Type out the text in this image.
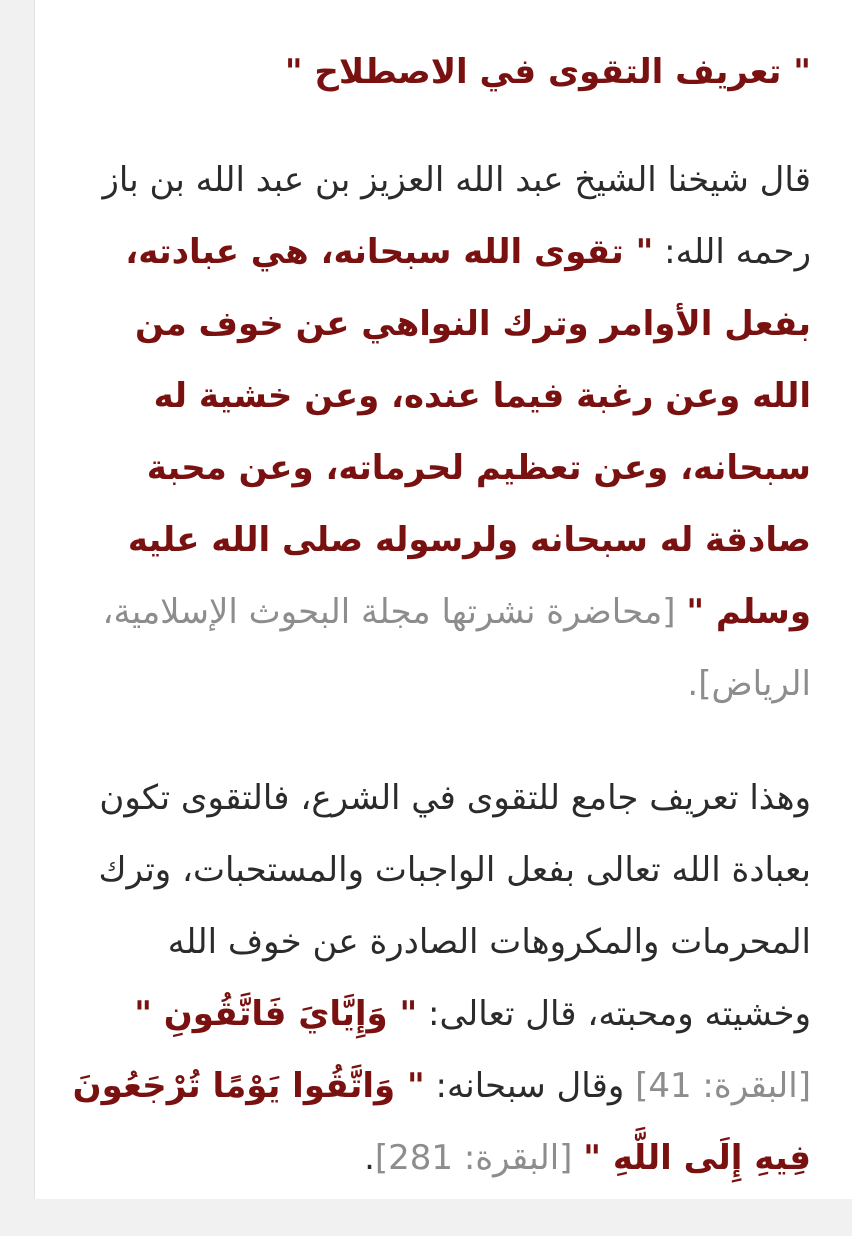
" تعريف التقوى في الاصطلاح "

قال شيخنا الشيخ عبد الله العزيز بن عبد الله بن باز رحمه الله: " تقوى الله سبحانه، هي عبادته، بفعل الأوامر وترك النواهي عن خوف من الله وعن رغبة فيما عنده، وعن خشية له سبحانه، وعن تعظيم لحرماته، وعن محبة صادقة له سبحانه ولرسوله صلى الله عليه وسلم " [محاضرة نشرتها مجلة البحوث الإسلامية، الرياض].

وهذا تعريف جامع للتقوى في الشرع، فالتقوى تكون بعبادة الله تعالى بفعل الواجبات والمستحبات، وترك المحرمات والمكروهات الصادرة عن خوف الله وخشيته ومحبته، قال تعالى: " وَإِيَّايَ فَاتَّقُونِ " [البقرة: 41] وقال سبحانه: " وَاتَّقُوا يَوْمًا تُرْجَعُونَ فِيهِ إِلَى اللَّهِ " [البقرة: 281].
